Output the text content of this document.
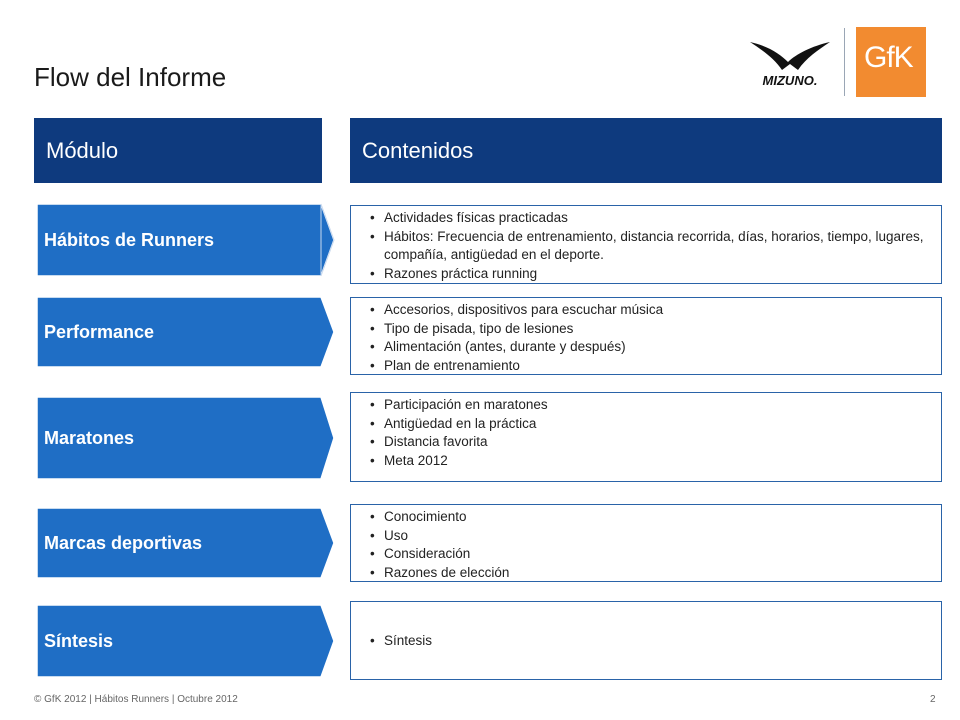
Flow del Informe	MIZUNO.
GfK
Módulo	Contenidos
Hábitos de Runners
• Actividades físicas practicadas
• Hábitos: Frecuencia de entrenamiento, distancia recorrida, días, horarios, tiempo, lugares, compañía, antigüedad en el deporte.
• Razones práctica running
Performance
• Accesorios, dispositivos para escuchar música
• Tipo de pisada, tipo de lesiones
• Alimentación (antes, durante y después)
• Plan de entrenamiento
Maratones
• Participación en maratones
• Antigüedad en la práctica
• Distancia favorita
• Meta 2012
Marcas deportivas
• Conocimiento
• Uso
• Consideración
• Razones de elección
Síntesis
•	Síntesis
© GfK 2012 | Hábitos Runners | Octubre 2012	2
